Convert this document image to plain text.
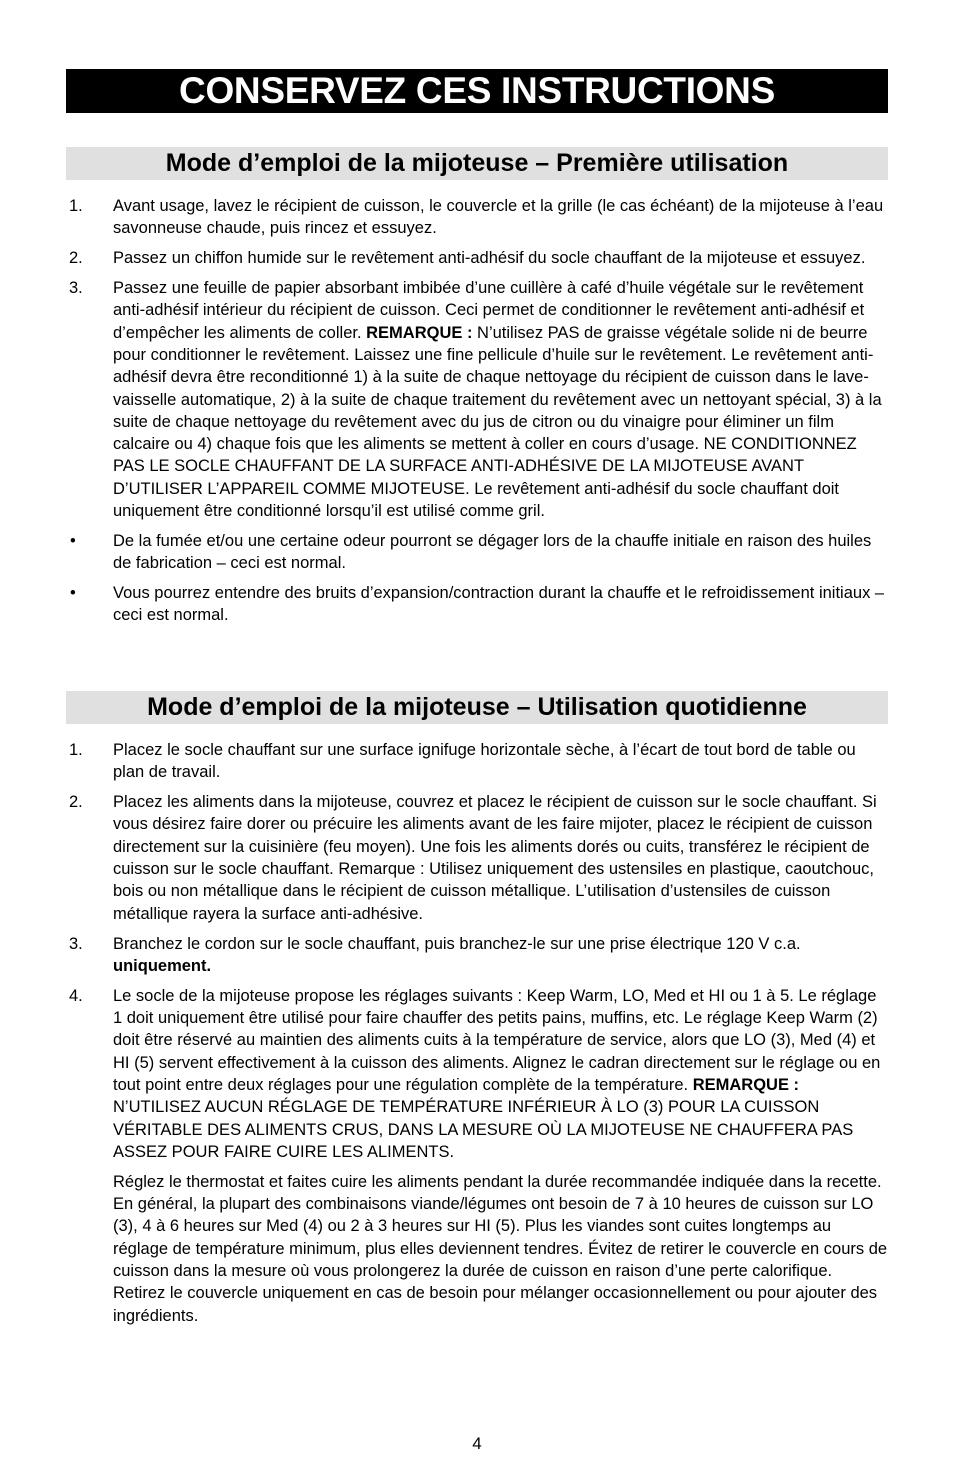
CONSERVEZ CES INSTRUCTIONS
Mode d’emploi de la mijoteuse – Première utilisation
1.	Avant usage, lavez le récipient de cuisson, le couvercle et la grille (le cas échéant) de la mijoteuse à l’eau savonneuse chaude, puis rincez et essuyez.
2.	Passez un chiffon humide sur le revêtement anti-adhésif du socle chauffant de la mijoteuse et essuyez.
3.	Passez une feuille de papier absorbant imbibée d’une cuillère à café d’huile végétale sur le revêtement anti-adhésif intérieur du récipient de cuisson. Ceci permet de conditionner le revêtement anti-adhésif et d’empêcher les aliments de coller. REMARQUE : N’utilisez PAS de graisse végétale solide ni de beurre pour conditionner le revêtement. Laissez une fine pellicule d’huile sur le revêtement. Le revêtement anti-adhésif devra être reconditionné 1) à la suite de chaque nettoyage du récipient de cuisson dans le lave-vaisselle automatique, 2) à la suite de chaque traitement du revêtement avec un nettoyant spécial, 3) à la suite de chaque nettoyage du revêtement avec du jus de citron ou du vinaigre pour éliminer un film calcaire ou 4) chaque fois que les aliments se mettent à coller en cours d’usage. NE CONDITIONNEZ PAS LE SOCLE CHAUFFANT DE LA SURFACE ANTI-ADHÉSIVE DE LA MIJOTEUSE AVANT D’UTILISER L’APPAREIL COMME MIJOTEUSE. Le revêtement anti-adhésif du socle chauffant doit uniquement être conditionné lorsqu’il est utilisé comme gril.
•	De la fumée et/ou une certaine odeur pourront se dégager lors de la chauffe initiale en raison des huiles de fabrication – ceci est normal.
•	Vous pourrez entendre des bruits d’expansion/contraction durant la chauffe et le refroidissement initiaux – ceci est normal.
Mode d’emploi de la mijoteuse – Utilisation quotidienne
1.	Placez le socle chauffant sur une surface ignifuge horizontale sèche, à l’écart de tout bord de table ou plan de travail.
2.	Placez les aliments dans la mijoteuse, couvrez et placez le récipient de cuisson sur le socle chauffant. Si vous désirez faire dorer ou précuire les aliments avant de les faire mijoter, placez le récipient de cuisson directement sur la cuisinière (feu moyen). Une fois les aliments dorés ou cuits, transférez le récipient de cuisson sur le socle chauffant. Remarque : Utilisez uniquement des ustensiles en plastique, caoutchouc, bois ou non métallique dans le récipient de cuisson métallique. L’utilisation d’ustensiles de cuisson métallique rayera la surface anti-adhésive.
3.	Branchez le cordon sur le socle chauffant, puis branchez-le sur une prise électrique 120 V c.a. uniquement.
4.	Le socle de la mijoteuse propose les réglages suivants : Keep Warm, LO, Med et HI ou 1 à 5. Le réglage 1 doit uniquement être utilisé pour faire chauffer des petits pains, muffins, etc. Le réglage Keep Warm (2) doit être réservé au maintien des aliments cuits à la température de service, alors que LO (3), Med (4) et HI (5) servent effectivement à la cuisson des aliments. Alignez le cadran directement sur le réglage ou en tout point entre deux réglages pour une régulation complète de la température. REMARQUE : N’UTILISEZ AUCUN RÉGLAGE DE TEMPÉRATURE INFÉRIEUR À LO (3) POUR LA CUISSON VÉRITABLE DES ALIMENTS CRUS, DANS LA MESURE OÙ LA MIJOTEUSE NE CHAUFFERA PAS ASSEZ POUR FAIRE CUIRE LES ALIMENTS.
Réglez le thermostat et faites cuire les aliments pendant la durée recommandée indiquée dans la recette. En général, la plupart des combinaisons viande/légumes ont besoin de 7 à 10 heures de cuisson sur LO (3), 4 à 6 heures sur Med (4) ou 2 à 3 heures sur HI (5). Plus les viandes sont cuites longtemps au réglage de température minimum, plus elles deviennent tendres. Évitez de retirer le couvercle en cours de cuisson dans la mesure où vous prolongerez la durée de cuisson en raison d’une perte calorifique. Retirez le couvercle uniquement en cas de besoin pour mélanger occasionnellement ou pour ajouter des ingrédients.
4
